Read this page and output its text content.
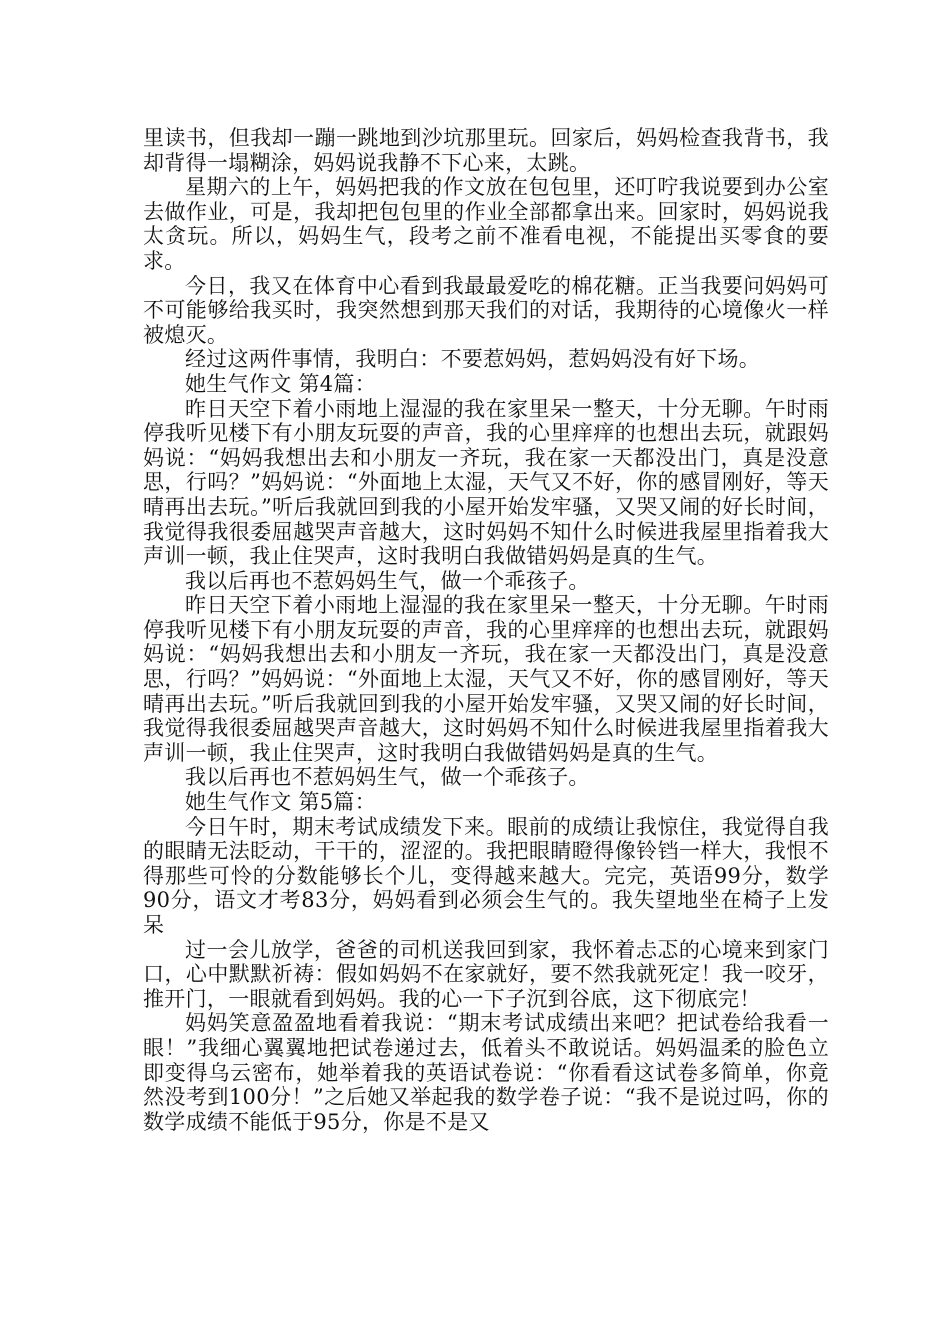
里读书，但我却一蹦一跳地到沙坑那里玩。回家后，妈妈检查我背书，我却背得一塌糊涂，妈妈说我静不下心来，太跳。

星期六的上午，妈妈把我的作文放在包包里，还叮咛我说要到办公室去做作业，可是，我却把包包里的作业全部都拿出来。回家时，妈妈说我太贪玩。所以，妈妈生气，段考之前不准看电视，不能提出买零食的要求。

今日，我又在体育中心看到我最最爱吃的棉花糖。正当我要问妈妈可不可能够给我买时，我突然想到那天我们的对话，我期待的心境像火一样被熄灭。

经过这两件事情，我明白：不要惹妈妈，惹妈妈没有好下场。

她生气作文 第4篇：

昨日天空下着小雨地上湿湿的我在家里呆一整天，十分无聊。午时雨停我听见楼下有小朋友玩耍的声音，我的心里痒痒的也想出去玩，就跟妈妈说：“妈妈我想出去和小朋友一齐玩，我在家一天都没出门，真是没意思，行吗？”妈妈说：“外面地上太湿，天气又不好，你的感冒刚好，等天晴再出去玩。”听后我就回到我的小屋开始发牢骚，又哭又闹的好长时间，我觉得我很委屈越哭声音越大，这时妈妈不知什么时候进我屋里指着我大声训一顿，我止住哭声，这时我明白我做错妈妈是真的生气。

我以后再也不惹妈妈生气，做一个乖孩子。

昨日天空下着小雨地上湿湿的我在家里呆一整天，十分无聊。午时雨停我听见楼下有小朋友玩耍的声音，我的心里痒痒的也想出去玩，就跟妈妈说：“妈妈我想出去和小朋友一齐玩，我在家一天都没出门，真是没意思，行吗？”妈妈说：“外面地上太湿，天气又不好，你的感冒刚好，等天晴再出去玩。”听后我就回到我的小屋开始发牢骚，又哭又闹的好长时间，我觉得我很委屈越哭声音越大，这时妈妈不知什么时候进我屋里指着我大声训一顿，我止住哭声，这时我明白我做错妈妈是真的生气。

我以后再也不惹妈妈生气，做一个乖孩子。

她生气作文 第5篇：

今日午时，期末考试成绩发下来。眼前的成绩让我惊住，我觉得自我的眼睛无法眨动，干干的，涩涩的。我把眼睛瞪得像铃铛一样大，我恨不得那些可怜的分数能够长个儿，变得越来越大。完完，英语99分，数学90分，语文才考83分，妈妈看到必须会生气的。我失望地坐在椅子上发呆

过一会儿放学，爸爸的司机送我回到家，我怀着忐忑的心境来到家门口，心中默默祈祷：假如妈妈不在家就好，要不然我就死定！我一咬牙，推开门，一眼就看到妈妈。我的心一下子沉到谷底，这下彻底完！

妈妈笑意盈盈地看着我说：“期末考试成绩出来吧？把试卷给我看一眼！”我细心翼翼地把试卷递过去，低着头不敢说话。妈妈温柔的脸色立即变得乌云密布，她举着我的英语试卷说：“你看看这试卷多简单，你竟然没考到100分！”之后她又举起我的数学卷子说：“我不是说过吗，你的数学成绩不能低于95分，你是不是又
